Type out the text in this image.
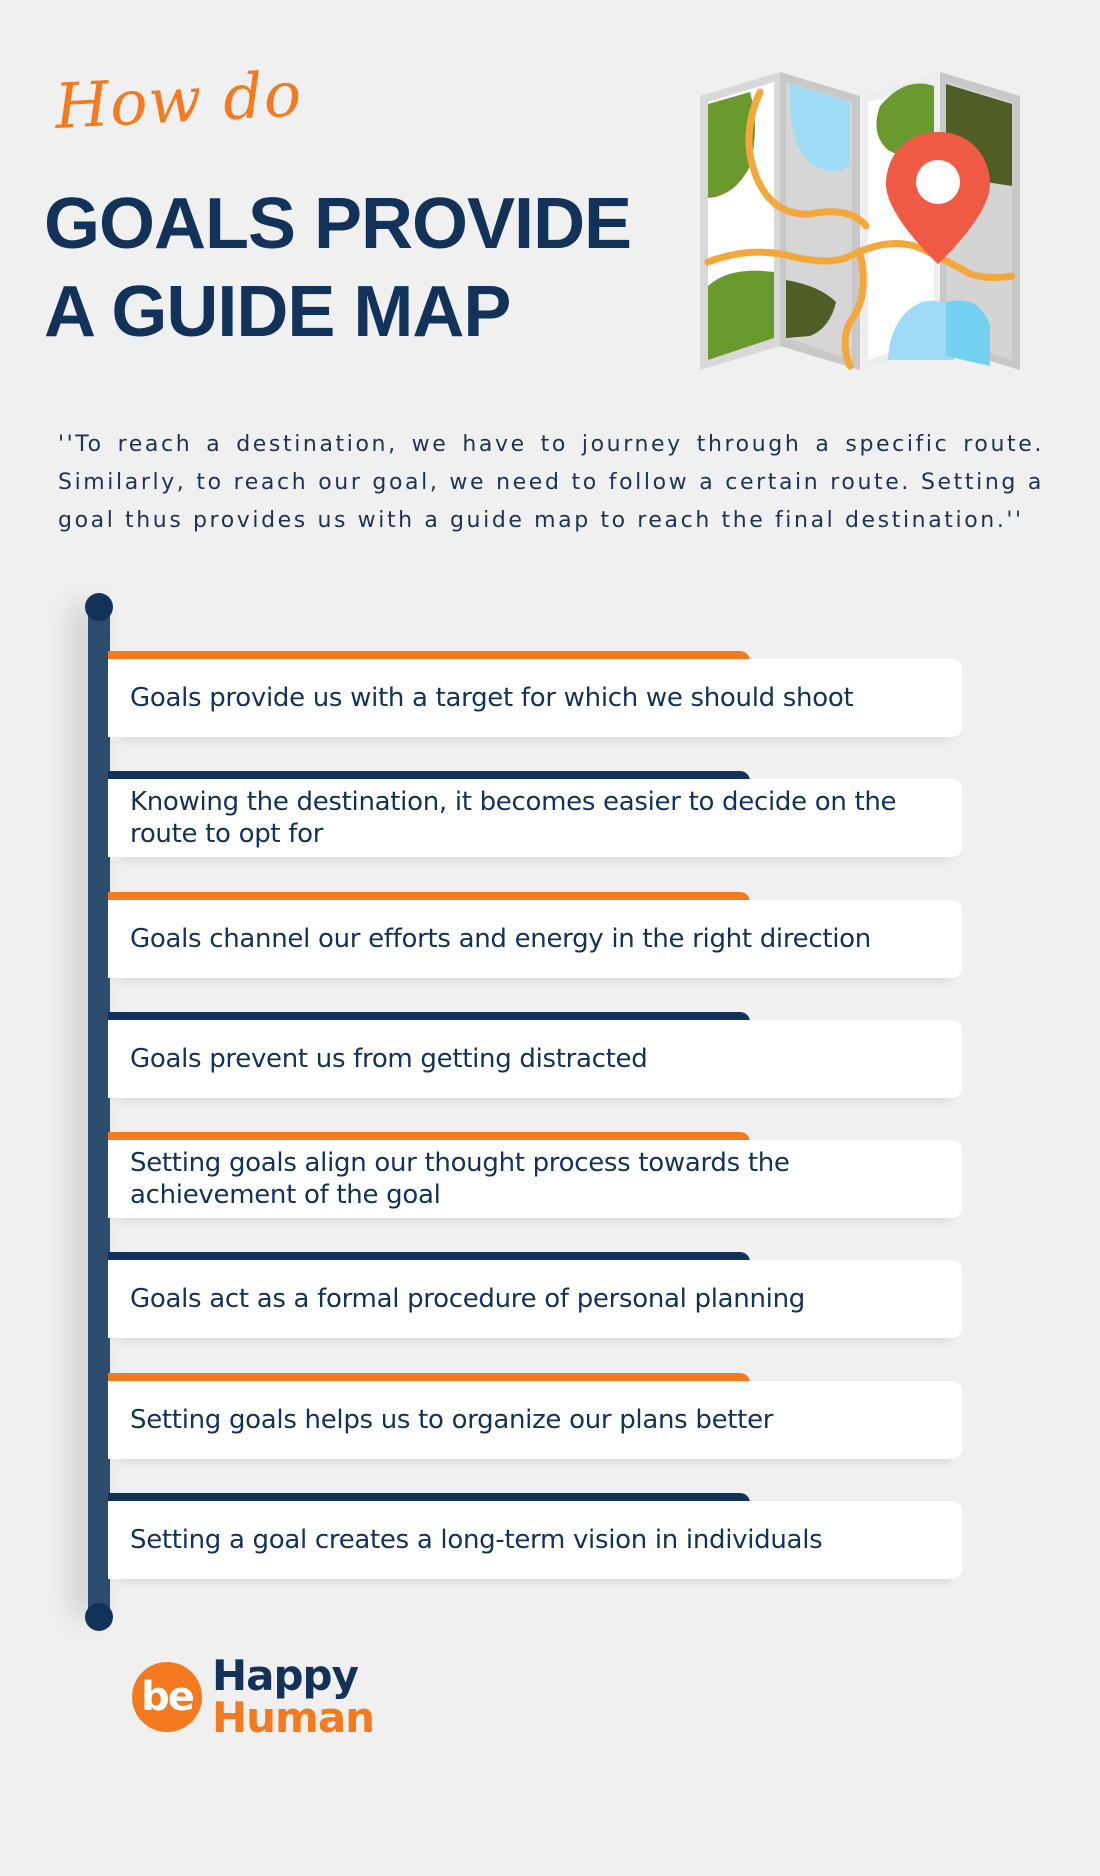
How do
GOALS PROVIDE
A GUIDE MAP
''To reach a destination, we have to journey through a specific route. Similarly, to reach our goal, we need to follow a certain route. Setting a goal thus provides us with a guide map to reach the final destination.''
Goals provide us with a target for which we should shoot
Knowing the destination, it becomes easier to decide on the route to opt for
Goals channel our efforts and energy in the right direction
Goals prevent us from getting distracted
Setting goals align our thought process towards the achievement of the goal
Goals act as a formal procedure of personal planning
Setting goals helps us to organize our plans better
Setting a goal creates a long-term vision in individuals
be Happy
Human
